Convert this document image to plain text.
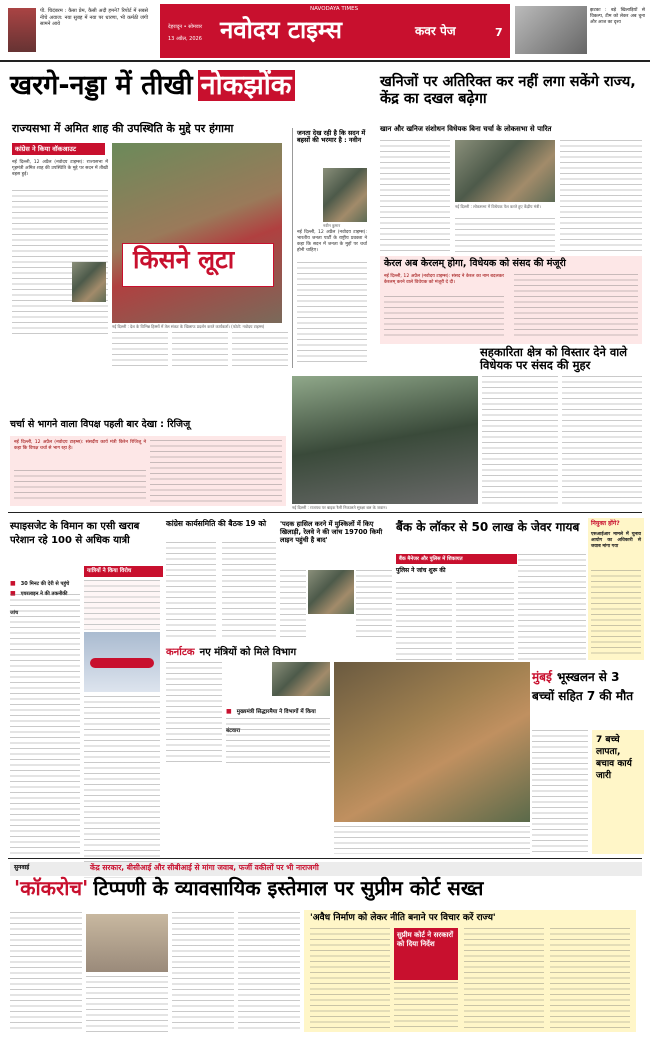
पी. चिदंबरम : कैसा प्रेम, कैसी अदौ हमने? रिपोर्ट में सबसे नीचे अवाज: नया सुबह में नया पर धारणा, भी कर्मठी जंगी सामने आये
NAVODAYA TIMES
नवोदय टाइम्स
देहरादून • सोमवार
13 अप्रैल, 2026
कवर पेज	7
झटका : बड़े खिलाड़ियों से विकल्प, टीम को लेकर अब चुना और आज का दृश्य
खरगे-नड्डा में तीखी नोकझोंक
राज्यसभा में अमित शाह की उपस्थिति के मुद्दे पर हंगामा
कांग्रेस ने किया वॉकआउट
नई दिल्ली, 12 अप्रैल (नवोदय टाइम्स): राज्यसभा में गृहमंत्री अमित शाह की उपस्थिति के मुद्दे पर सदन में तीखी बहस हुई।
किसने लूटा
नई दिल्ली : देश के विभिन्न हिस्सों में तेल संकट के खिलाफ प्रदर्शन करते कार्यकर्ता। (फोटो: नवोदय टाइम्स)
जनता देख रही है कि सदन में बहसों की भरमार है : नवीन
नवीन कुमार
नई दिल्ली, 12 अप्रैल (नवोदय टाइम्स): भारतीय जनता पार्टी के राष्ट्रीय प्रवक्ता ने कहा कि सदन में जनता के मुद्दों पर चर्चा होनी चाहिए।
खनिजों पर अतिरिक्त कर नहीं लगा सकेंगे राज्य, केंद्र का दखल बढ़ेगा
खान और खनिज संशोधन विधेयक बिना चर्चा के लोकसभा से पारित
नई दिल्ली : लोकसभा में विधेयक पेश करते हुए केंद्रीय मंत्री।
केरल अब केरलम् होगा, विधेयक को संसद की मंजूरी
नई दिल्ली, 12 अप्रैल (नवोदय टाइम्स): संसद ने केरल का नाम बदलकर केरलम् करने वाले विधेयक को मंजूरी दे दी।
सहकारिता क्षेत्र को विस्तार देने वाले विधेयक पर संसद की मुहर
नई दिल्ली : राजपथ पर बाइक रैली निकालते सुरक्षा बल के जवान।
चर्चा से भागने वाला विपक्ष पहली बार देखा : रिजिजू
नई दिल्ली, 12 अप्रैल (नवोदय टाइम्स): संसदीय कार्य मंत्री किरेन रिजिजू ने कहा कि विपक्ष चर्चा से भाग रहा है।
स्पाइसजेट के विमान का एसी खराब परेशान रहे 100 से अधिक यात्री
■ 30 मिनट की देरी से पहुंचे
■ एयरलाइन ने की तकनीकी जांच
यात्रियों ने किया विरोध
कांग्रेस कार्यसमिति की बैठक 19 को	'पदक हासिल करने में मुश्किलों में किए खिलाड़ी, रेलवे ने की जांच 19700 किमी लाइन पहुंची है बाद'
बैंक के लॉकर से 50 लाख के जेवर गायब
बैंक मैनेजर और पुलिस में शिकायत
पुलिस ने जांच शुरू की
नियुक्त होंगे?
एसआईआर मामले में चुनाव आयोग का अधिकारी से जवाब मांगा गया
कर्नाटक नए मंत्रियों को मिले विभाग
■ मुख्यमंत्री सिद्धारमैया ने विभागों में किया बंटवारा
मुंबई भूस्खलन से 3 बच्चों सहित 7 की मौत
7 बच्चे लापता, बचाव कार्य जारी
सुनवाई	केंद्र सरकार, बीसीआई और सीबीआई से मांगा जवाब, फर्जी वकीलों पर भी नाराजगी
'कॉकरोच' टिप्पणी के व्यावसायिक इस्तेमाल पर सुप्रीम कोर्ट सख्त
'अवैध निर्माण को लेकर नीति बनाने पर विचार करें राज्य'
सुप्रीम कोर्ट ने सरकारों को दिया निर्देश
